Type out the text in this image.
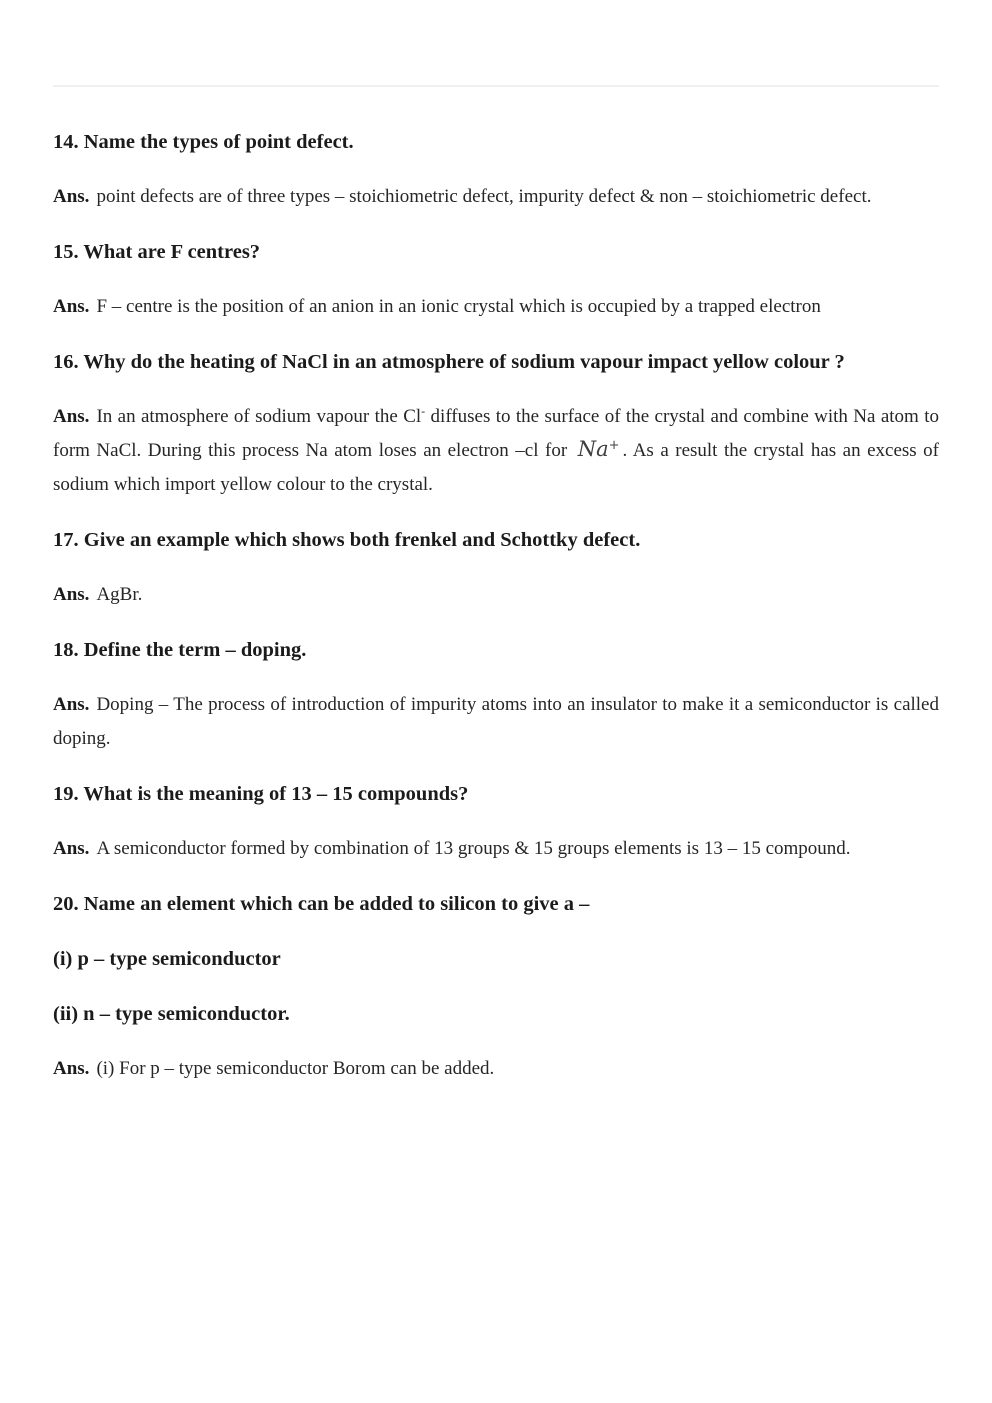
14. Name the types of point defect.

Ans. point defects are of three types – stoichiometric defect, impurity defect & non – stoichiometric defect.

15. What are F centres?

Ans. F – centre is the position of an anion in an ionic crystal which is occupied by a trapped electron

16. Why do the heating of NaCl in an atmosphere of sodium vapour impact yellow colour ?

Ans. In an atmosphere of sodium vapour the Cl- diffuses to the surface of the crystal and combine with Na atom to form NaCl. During this process Na atom loses an electron –cl for Na+ . As a result the crystal has an excess of sodium which import yellow colour to the crystal.

17. Give an example which shows both frenkel and Schottky defect.

Ans. AgBr.

18. Define the term – doping.

Ans. Doping – The process of introduction of impurity atoms into an insulator to make it a semiconductor is called doping.

19. What is the meaning of 13 – 15 compounds?

Ans. A semiconductor formed by combination of 13 groups & 15 groups elements is 13 – 15 compound.

20. Name an element which can be added to silicon to give a –
(i) p – type semiconductor
(ii) n – type semiconductor.

Ans. (i) For p – type semiconductor Borom can be added.
